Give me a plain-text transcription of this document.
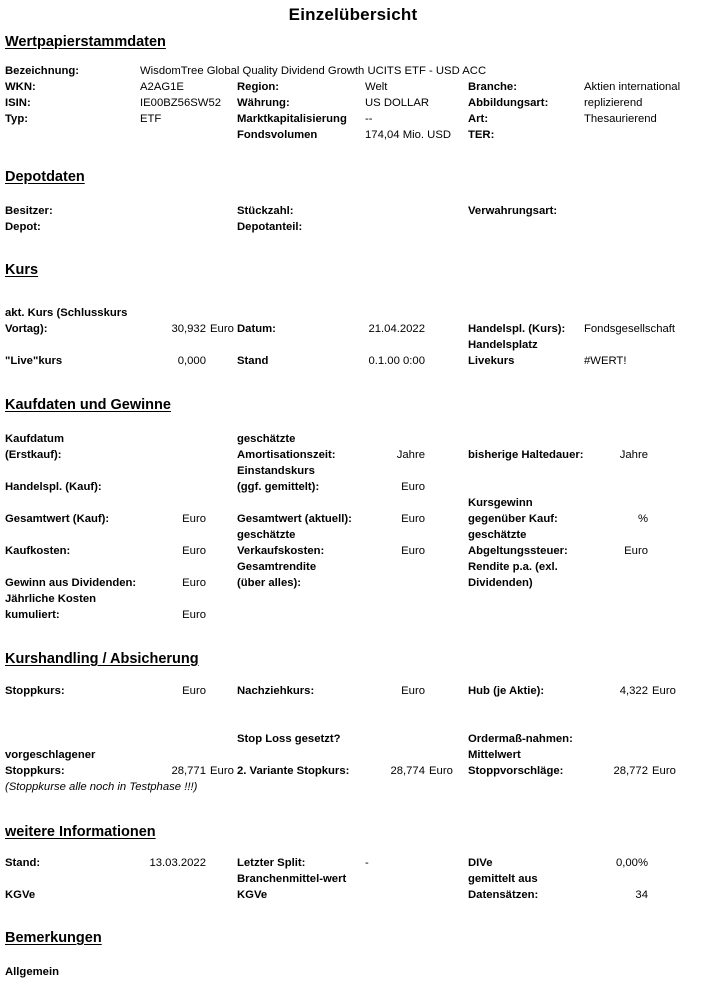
Einzelübersicht
Wertpapierstammdaten
Bezeichnung:	WisdomTree Global Quality Dividend Growth UCITS ETF - USD ACC
WKN:	A2AG1E	Region:	Welt	Branche:	Aktien international
ISIN:	IE00BZ56SW52 Währung:	US DOLLAR	Abbildungsart:	replizierend
Typ:	ETF	Marktkapitalisierung --	Art:	Thesaurierend
Fondsvolumen	174,04 Mio. USD TER:
Depotdaten
Besitzer:	Stückzahl:	Verwahrungsart:
Depot:	Depotanteil:
Kurs
akt. Kurs (Schlusskurs
Vortag):	30,932 Euro Datum:	21.04.2022	Handelspl. (Kurs): Fondsgesellschaft
Handelsplatz
"Live"kurs	0,000	Stand	0.1.00 0:00	Livekurs	#WERT!
Kaufdaten und Gewinne
Kaufdatum	geschätzte
(Erstkauf):	Amortisationszeit:	Jahre	bisherige Haltedauer:	Jahre
Einstandskurs
Handelspl. (Kauf):	(ggf. gemittelt):	Euro
Kursgewinn
Gesamtwert (Kauf):	Euro	Gesamtwert (aktuell):	Euro	gegenüber Kauf:	%
geschätzte	geschätzte
Kaufkosten:	Euro	Verkaufskosten:	Euro	Abgeltungssteuer:	Euro
Gesamtrendite	Rendite p.a. (exl.
Gewinn aus Dividenden:	Euro	(über alles):	Dividenden)
Jährliche Kosten
kumuliert:	Euro
Kurshandling / Absicherung
Stoppkurs:	Euro	Nachziehkurs:	Euro	Hub (je Aktie):	4,322 Euro
Stop Loss gesetzt?	Ordermaß-nahmen:
vorgeschlagener	Mittelwert
Stoppkurs:	28,771 Euro 2. Variante Stopkurs:	28,774 Euro Stoppvorschläge:	28,772 Euro
(Stoppkurse alle noch in Testphase !!!)
weitere Informationen
Stand:	13.03.2022	Letzter Split:	-	DIVe	0,00%
Branchenmittel-wert	gemittelt aus
KGVe	KGVe	Datensätzen:	34
Bemerkungen
Allgemein
